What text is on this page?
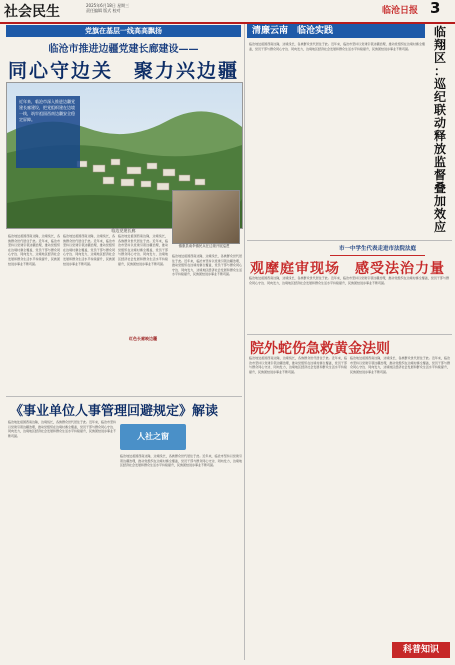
社会民生	2025年6月18日 星期三
责任编辑 版式 校对	临沧日报 3
党旗在基层一线高高飘扬
临沧市推进边疆党建长廊建设——
同心守边关　聚力兴边疆

近年来，临沧市深入推进边疆党建长廊建设，把党组织建在边境一线，筑牢祖国西南边疆安全稳定屏障。

临边党建长廊

临沧地处祖国西南边陲，边境线长，各族群众世代居住于此。近年来，临沧市坚持以党建引领边疆治理，推动党组织在边境村寨全覆盖，党员干部与群众同心守边、同向发力，边境地区经济社会发展和群众生活水平持续提升，民族团结进步事业不断巩固。

临沧地处祖国西南边陲，边境线长，各族群众世代居住于此。近年来，临沧市坚持以党建引领边疆治理，推动党组织在边境村寨全覆盖，党员干部与群众同心守边、同向发力，边境地区经济社会发展和群众生活水平持续提升，民族团结进步事业不断巩固。

临沧地处祖国西南边陲，边境线长，各族群众世代居住于此。近年来，临沧市坚持以党建引领边疆治理，推动党组织在边境村寨全覆盖，党员干部与群众同心守边、同向发力，边境地区经济社会发展和群众生活水平持续提升，民族团结进步事业不断巩固。

镇康县南伞镇民兵在边境开展巡逻
红色长廊映边疆

临沧地处祖国西南边陲，边境线长，各族群众世代居住于此。近年来，临沧市坚持以党建引领边疆治理，推动党组织在边境村寨全覆盖，党员干部与群众同心守边、同向发力，边境地区经济社会发展和群众生活水平持续提升，民族团结进步事业不断巩固。

清廉云南　临沧实践	临
翔
区
：
巡
纪
联
动
释
放
监
督
叠
加
效
应

临沧地处祖国西南边陲，边境线长，各族群众世代居住于此。近年来，临沧市坚持以党建引领边疆治理，推动党组织在边境村寨全覆盖，党员干部与群众同心守边、同向发力，边境地区经济社会发展和群众生活水平持续提升，民族团结进步事业不断巩固。

市一中学生代表走进市法院法庭
观摩庭审现场　感受法治力量

临沧地处祖国西南边陲，边境线长，各族群众世代居住于此。近年来，临沧市坚持以党建引领边疆治理，推动党组织在边境村寨全覆盖，党员干部与群众同心守边、同向发力，边境地区经济社会发展和群众生活水平持续提升，民族团结进步事业不断巩固。

院外蛇伤急救黄金法则

临沧地处祖国西南边陲，边境线长，各族群众世代居住于此。近年来，临沧市坚持以党建引领边疆治理，推动党组织在边境村寨全覆盖，党员干部与群众同心守边、同向发力，边境地区经济社会发展和群众生活水平持续提升，民族团结进步事业不断巩固。

临沧地处祖国西南边陲，边境线长，各族群众世代居住于此。近年来，临沧市坚持以党建引领边疆治理，推动党组织在边境村寨全覆盖，党员干部与群众同心守边、同向发力，边境地区经济社会发展和群众生活水平持续提升，民族团结进步事业不断巩固。

科普知识
《事业单位人事管理回避规定》解读

临沧地处祖国西南边陲，边境线长，各族群众世代居住于此。近年来，临沧市坚持以党建引领边疆治理，推动党组织在边境村寨全覆盖，党员干部与群众同心守边、同向发力，边境地区经济社会发展和群众生活水平持续提升，民族团结进步事业不断巩固。	人社之窗

临沧地处祖国西南边陲，边境线长，各族群众世代居住于此。近年来，临沧市坚持以党建引领边疆治理，推动党组织在边境村寨全覆盖，党员干部与群众同心守边、同向发力，边境地区经济社会发展和群众生活水平持续提升，民族团结进步事业不断巩固。
